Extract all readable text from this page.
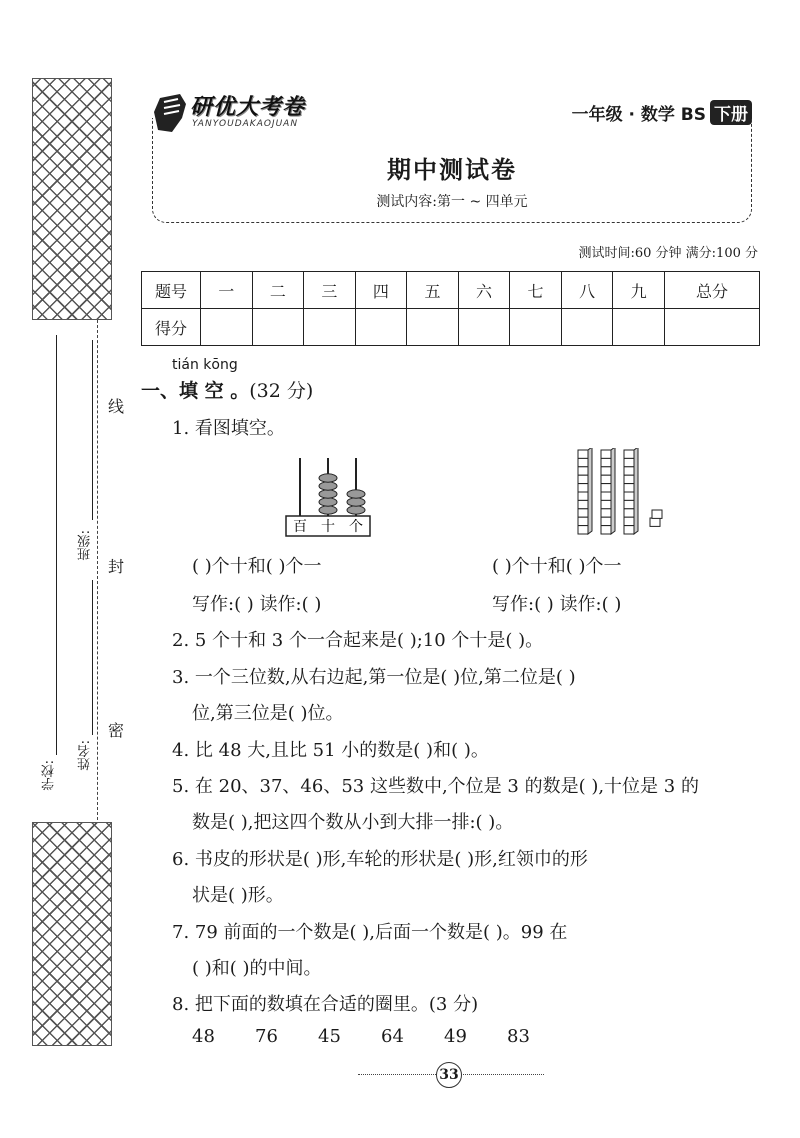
线
封
密
学校:
姓名:
班级:
研优大考卷
YANYOUDAKAOJUAN	一年级 · 数学 BS 下册
期中测试卷
测试内容:第一 ~ 四单元
测试时间:60 分钟 满分:100 分
题号	一	二	三	四	五	六	七	八	九	总分
得分										
tián kōng
一、填 空 。(32 分)
1. 看图填空。
百 十 个
( )个十和( )个一	( )个十和( )个一
写作:( ) 读作:( )	写作:( ) 读作:( )
2. 5 个十和 3 个一合起来是( );10 个十是( )。
3. 一个三位数,从右边起,第一位是( )位,第二位是( )
位,第三位是( )位。
4. 比 48 大,且比 51 小的数是( )和( )。
5. 在 20、37、46、53 这些数中,个位是 3 的数是( ),十位是 3 的
数是( ),把这四个数从小到大排一排:( )。
6. 书皮的形状是( )形,车轮的形状是( )形,红领巾的形
状是( )形。
7. 79 前面的一个数是( ),后面一个数是( )。99 在
( )和( )的中间。
8. 把下面的数填在合适的圈里。(3 分)
48 76 45 64 49 83
33
